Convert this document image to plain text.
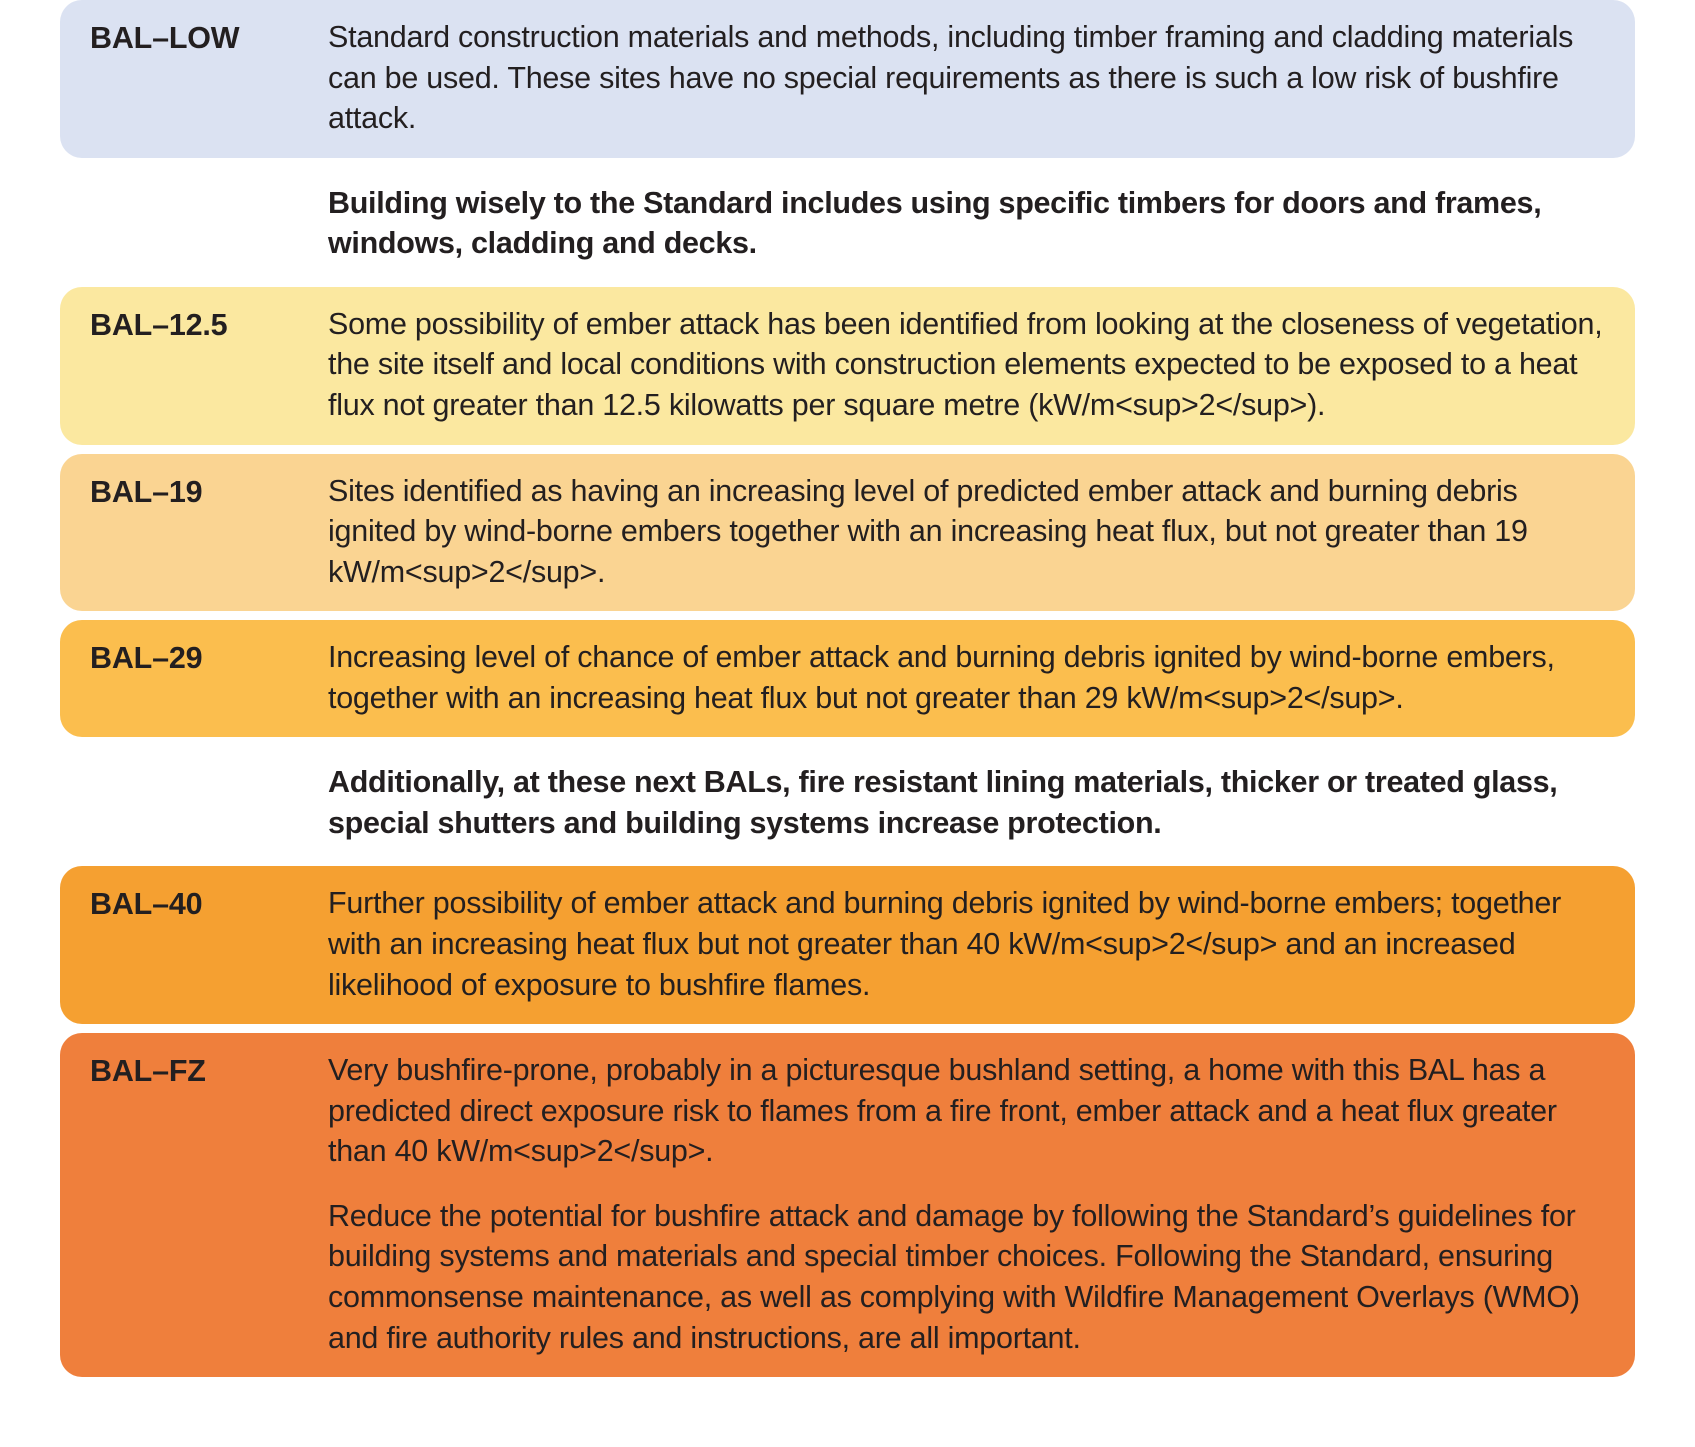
BAL–LOW	Standard construction materials and methods, including timber framing and cladding materials can be used. These sites have no special requirements as there is such a low risk of bushfire attack.

Building wisely to the Standard includes using specific timbers for doors and frames, windows, cladding and decks.

BAL–12.5	Some possibility of ember attack has been identified from looking at the closeness of vegetation, the site itself and local conditions with construction elements expected to be exposed to a heat flux not greater than 12.5 kilowatts per square metre (kW/m<sup>2</sup>).

BAL–19	Sites identified as having an increasing level of predicted ember attack and burning debris ignited by wind-borne embers together with an increasing heat flux, but not greater than 19 kW/m<sup>2</sup>.

BAL–29	Increasing level of chance of ember attack and burning debris ignited by wind-borne embers, together with an increasing heat flux but not greater than 29 kW/m<sup>2</sup>.

Additionally, at these next BALs, fire resistant lining materials, thicker or treated glass, special shutters and building systems increase protection.

BAL–40	Further possibility of ember attack and burning debris ignited by wind-borne embers; together with an increasing heat flux but not greater than 40 kW/m<sup>2</sup> and an increased likelihood of exposure to bushfire flames.

BAL–FZ	Very bushfire-prone, probably in a picturesque bushland setting, a home with this BAL has a predicted direct exposure risk to flames from a fire front, ember attack and a heat flux greater than 40 kW/m<sup>2</sup>.

Reduce the potential for bushfire attack and damage by following the Standard’s guidelines for building systems and materials and special timber choices. Following the Standard, ensuring commonsense maintenance, as well as complying with Wildfire Management Overlays (WMO) and fire authority rules and instructions, are all important.
